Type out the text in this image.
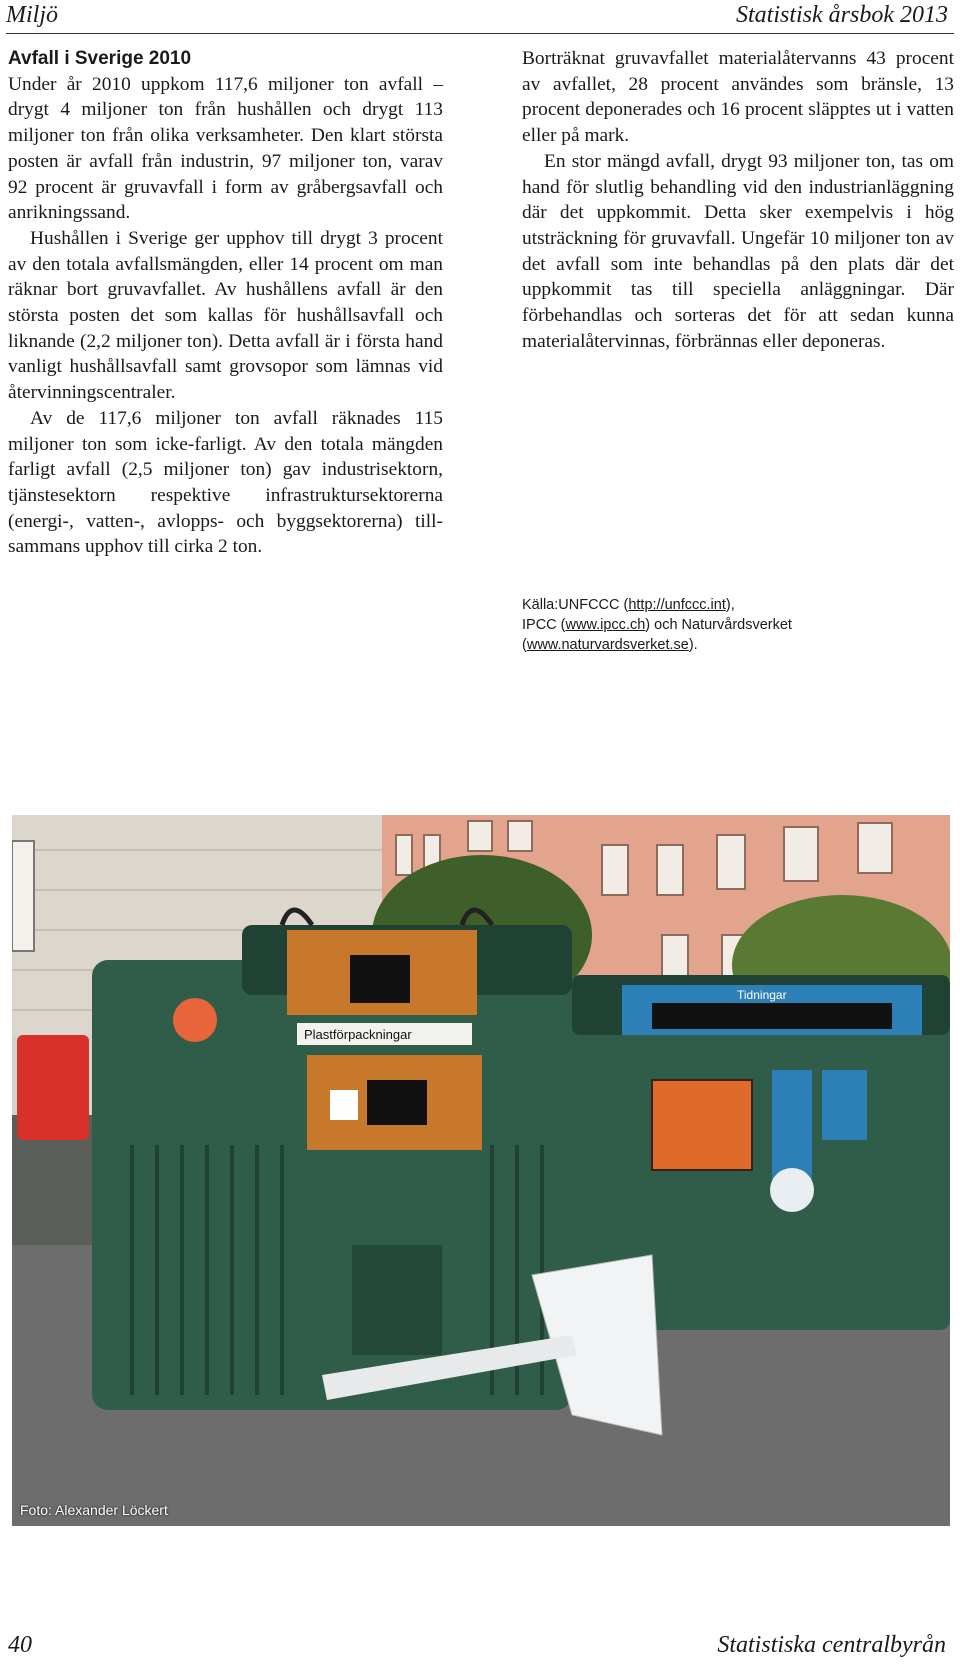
Miljö	Statistisk årsbok 2013
Avfall i Sverige 2010

Under år 2010 uppkom 117,6 miljoner ton avfall – drygt 4 miljoner ton från hushållen och drygt 113 miljoner ton från olika verksamheter. Den klart största posten är avfall från industrin, 97 miljoner ton, varav 92 procent är gruvavfall i form av gråbergsavfall och anrikningssand.

Hushållen i Sverige ger upphov till drygt 3 procent av den totala avfallsmängden, eller 14 procent om man räknar bort gruvavfallet. Av hushållens avfall är den största posten det som kallas för hushållsavfall och liknande (2,2 miljoner ton). Detta avfall är i första hand vanligt hushållsavfall samt grovsopor som lämnas vid återvinningscentraler.

Av de 117,6 miljoner ton avfall räknades 115 miljoner ton som icke-farligt. Av den totala mängden farligt avfall (2,5 miljoner ton) gav industrisektorn, tjänstesektorn respektive infrastruktursektorerna (energi-, vatten-, avlopps- och byggsektorerna) tillsammans upphov till cirka 2 ton.

Borträknat gruvavfallet materialåtervanns 43 procent av avfallet, 28 procent användes som bränsle, 13 procent deponerades och 16 procent släpptes ut i vatten eller på mark.

En stor mängd avfall, drygt 93 miljoner ton, tas om hand för slutlig behandling vid den industrianläggning där det uppkommit. Detta sker exempelvis i hög utsträckning för gruvavfall. Ungefär 10 miljoner ton av det avfall som inte behandlas på den plats där det uppkommit tas till speciella anläggningar. Där förbehandlas och sorteras det för att sedan kunna materialåtervinnas, förbrännas eller deponeras.

Källa:UNFCCC (http://unfccc.int),
IPCC (www.ipcc.ch) och Naturvårdsverket
(www.naturvardsverket.se).
Tidningar
Plastförpackningar
Foto: Alexander Löckert
40	Statistiska centralbyrån
